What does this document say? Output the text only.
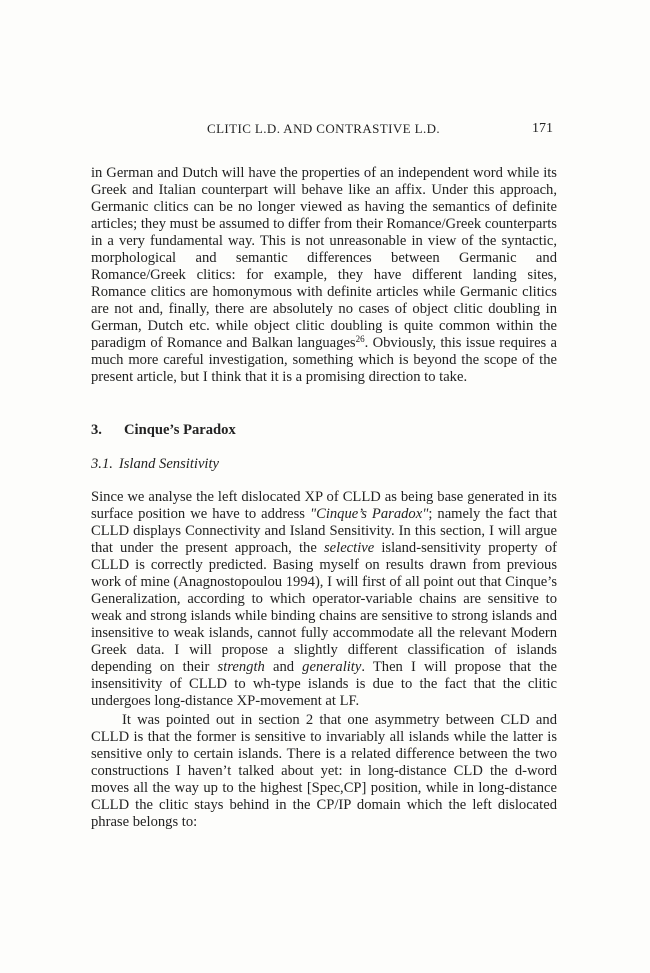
CLITIC L.D. AND CONTRASTIVE L.D.	171
in German and Dutch will have the properties of an independent word while its Greek and Italian counterpart will behave like an affix. Under this approach, Germanic clitics can be no longer viewed as having the semantics of definite articles; they must be assumed to differ from their Romance/Greek counterparts in a very fundamental way. This is not unreasonable in view of the syntactic, morphological and semantic differences between Germanic and Romance/Greek clitics: for example, they have different landing sites, Romance clitics are homonymous with definite articles while Germanic clitics are not and, finally, there are absolutely no cases of object clitic doubling in German, Dutch etc. while object clitic doubling is quite common within the paradigm of Romance and Balkan languages$^{26}$. Obviously, this issue requires a much more careful investigation, something which is beyond the scope of the present article, but I think that it is a promising direction to take.
3. Cinque’s Paradox
3.1. Island Sensitivity
Since we analyse the left dislocated XP of CLLD as being base generated in its surface position we have to address "Cinque’s Paradox"; namely the fact that CLLD displays Connectivity and Island Sensitivity. In this section, I will argue that under the present approach, the selective island-sensitivity property of CLLD is correctly predicted. Basing myself on results drawn from previous work of mine (Anagnostopoulou 1994), I will first of all point out that Cinque’s Generalization, according to which operator-variable chains are sensitive to weak and strong islands while binding chains are sensitive to strong islands and insensitive to weak islands, cannot fully accommodate all the relevant Modern Greek data. I will propose a slightly different classification of islands depending on their strength and generality. Then I will propose that the insensitivity of CLLD to wh-type islands is due to the fact that the clitic undergoes long-distance XP-movement at LF.
It was pointed out in section 2 that one asymmetry between CLD and CLLD is that the former is sensitive to invariably all islands while the latter is sensitive only to certain islands. There is a related difference between the two constructions I haven’t talked about yet: in long-distance CLD the d-word moves all the way up to the highest [Spec,CP] position, while in long-distance CLLD the clitic stays behind in the CP/IP domain which the left dislocated phrase belongs to:
